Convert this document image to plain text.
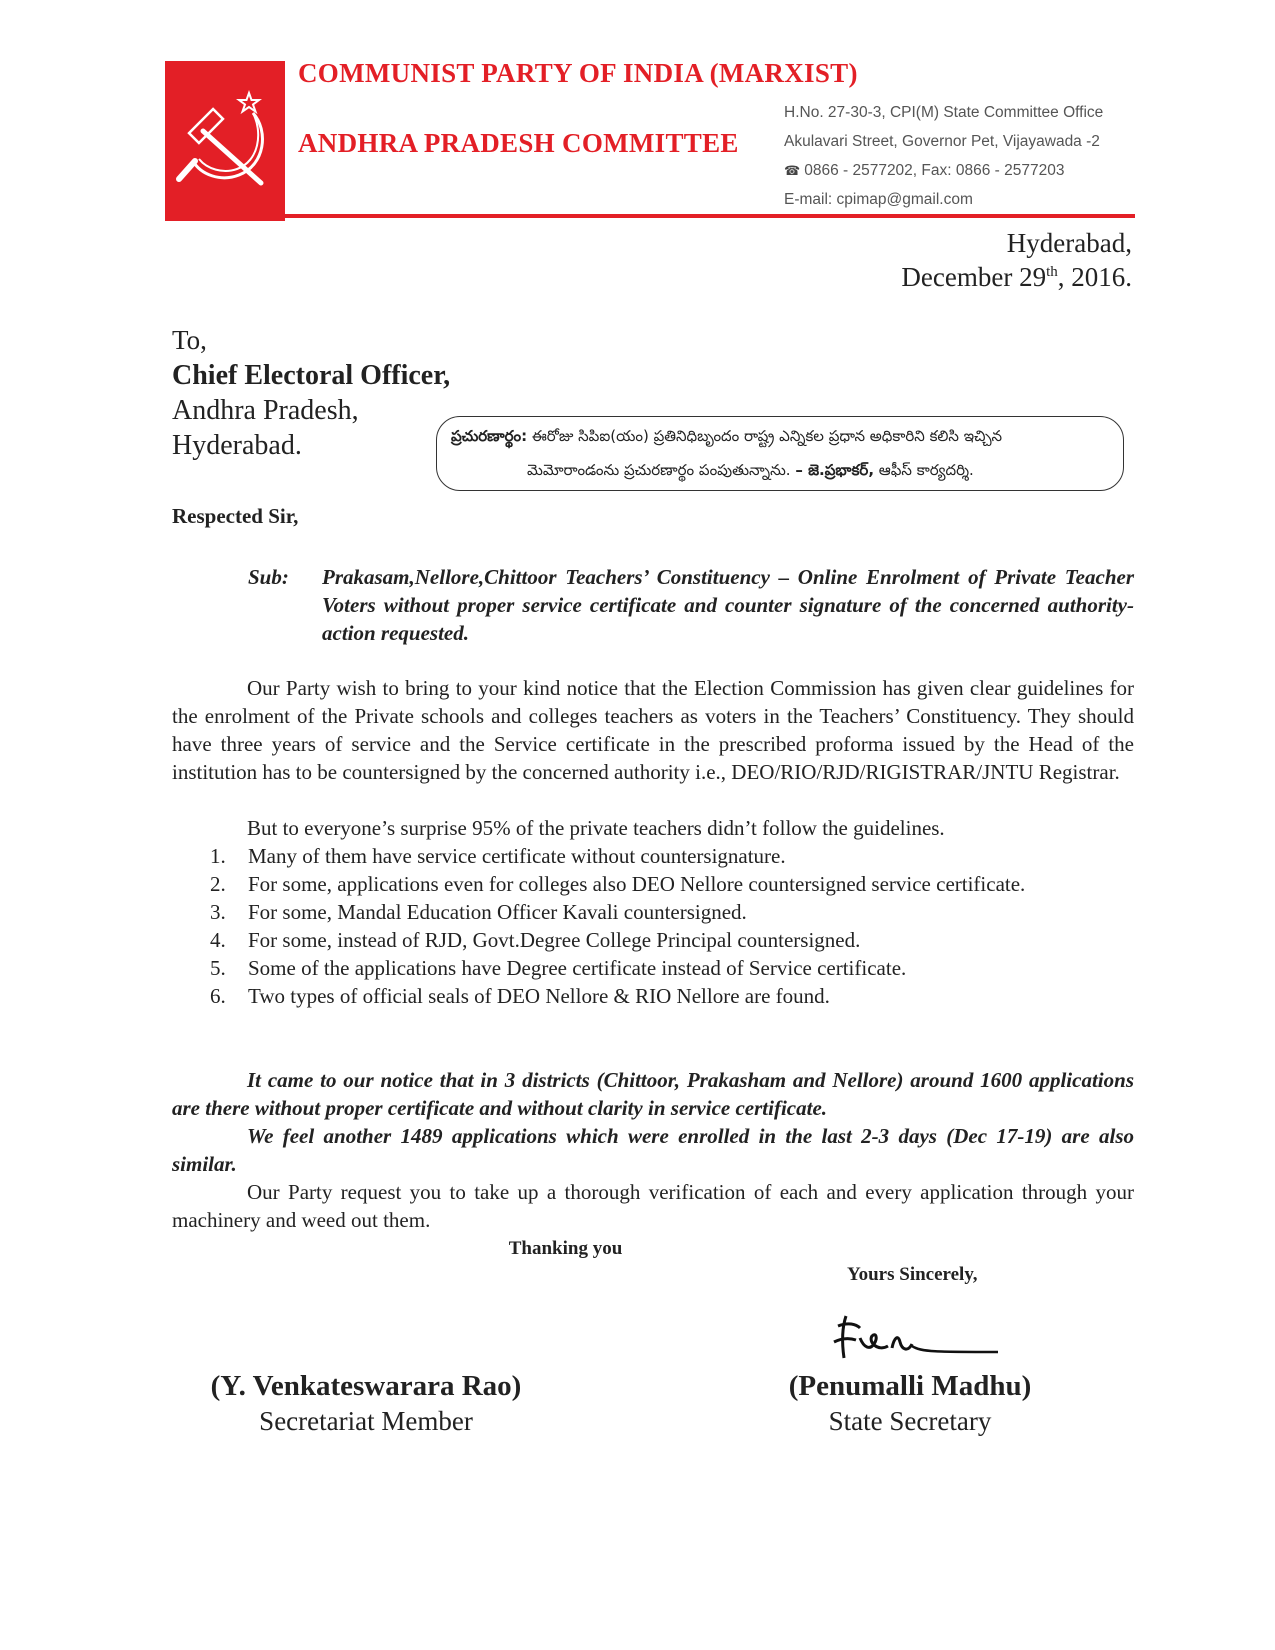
COMMUNIST PARTY OF INDIA (MARXIST)
ANDHRA PRADESH COMMITTEE
H.No. 27-30-3, CPI(M) State Committee Office
Akulavari Street, Governor Pet, Vijayawada -2
☎ 0866 - 2577202, Fax: 0866 - 2577203
E-mail: cpimap@gmail.com
Hyderabad,
December 29th, 2016.
To,
Chief Electoral Officer,
Andhra Pradesh,
Hyderabad.	ప్రచురణార్థం: ఈరోజు సిపిఐ(యం) ప్రతినిధిబృందం రాష్ట్ర ఎన్నికల ప్రధాన అధికారిని కలిసి ఇచ్చిన
మెమోరాండంను ప్రచురణార్థం పంపుతున్నాను. – జె.ప్రభాకర్, ఆఫీస్ కార్యదర్శి.
Respected Sir,
Sub: Prakasam,Nellore,Chittoor Teachers’ Constituency – Online Enrolment of Private Teacher Voters without proper service certificate and counter signature of the concerned authority- action requested.
Our Party wish to bring to your kind notice that the Election Commission has given clear guidelines for the enrolment of the Private schools and colleges teachers as voters in the Teachers’ Constituency. They should have three years of service and the Service certificate in the prescribed proforma issued by the Head of the institution has to be countersigned by the concerned authority i.e., DEO/RIO/RJD/RIGISTRAR/JNTU Registrar.
But to everyone’s surprise 95% of the private teachers didn’t follow the guidelines.
1. Many of them have service certificate without countersignature.
2. For some, applications even for colleges also DEO Nellore countersigned service certificate.
3. For some, Mandal Education Officer Kavali countersigned.
4. For some, instead of RJD, Govt.Degree College Principal countersigned.
5. Some of the applications have Degree certificate instead of Service certificate.
6. Two types of official seals of DEO Nellore & RIO Nellore are found.
It came to our notice that in 3 districts (Chittoor, Prakasham and Nellore) around 1600 applications are there without proper certificate and without clarity in service certificate.
We feel another 1489 applications which were enrolled in the last 2-3 days (Dec 17-19) are also similar.
Our Party request you to take up a thorough verification of each and every application through your machinery and weed out them.
Thanking you
Yours Sincerely,
(Y. Venkateswarara Rao)
Secretariat Member
(Penumalli Madhu)
State Secretary
